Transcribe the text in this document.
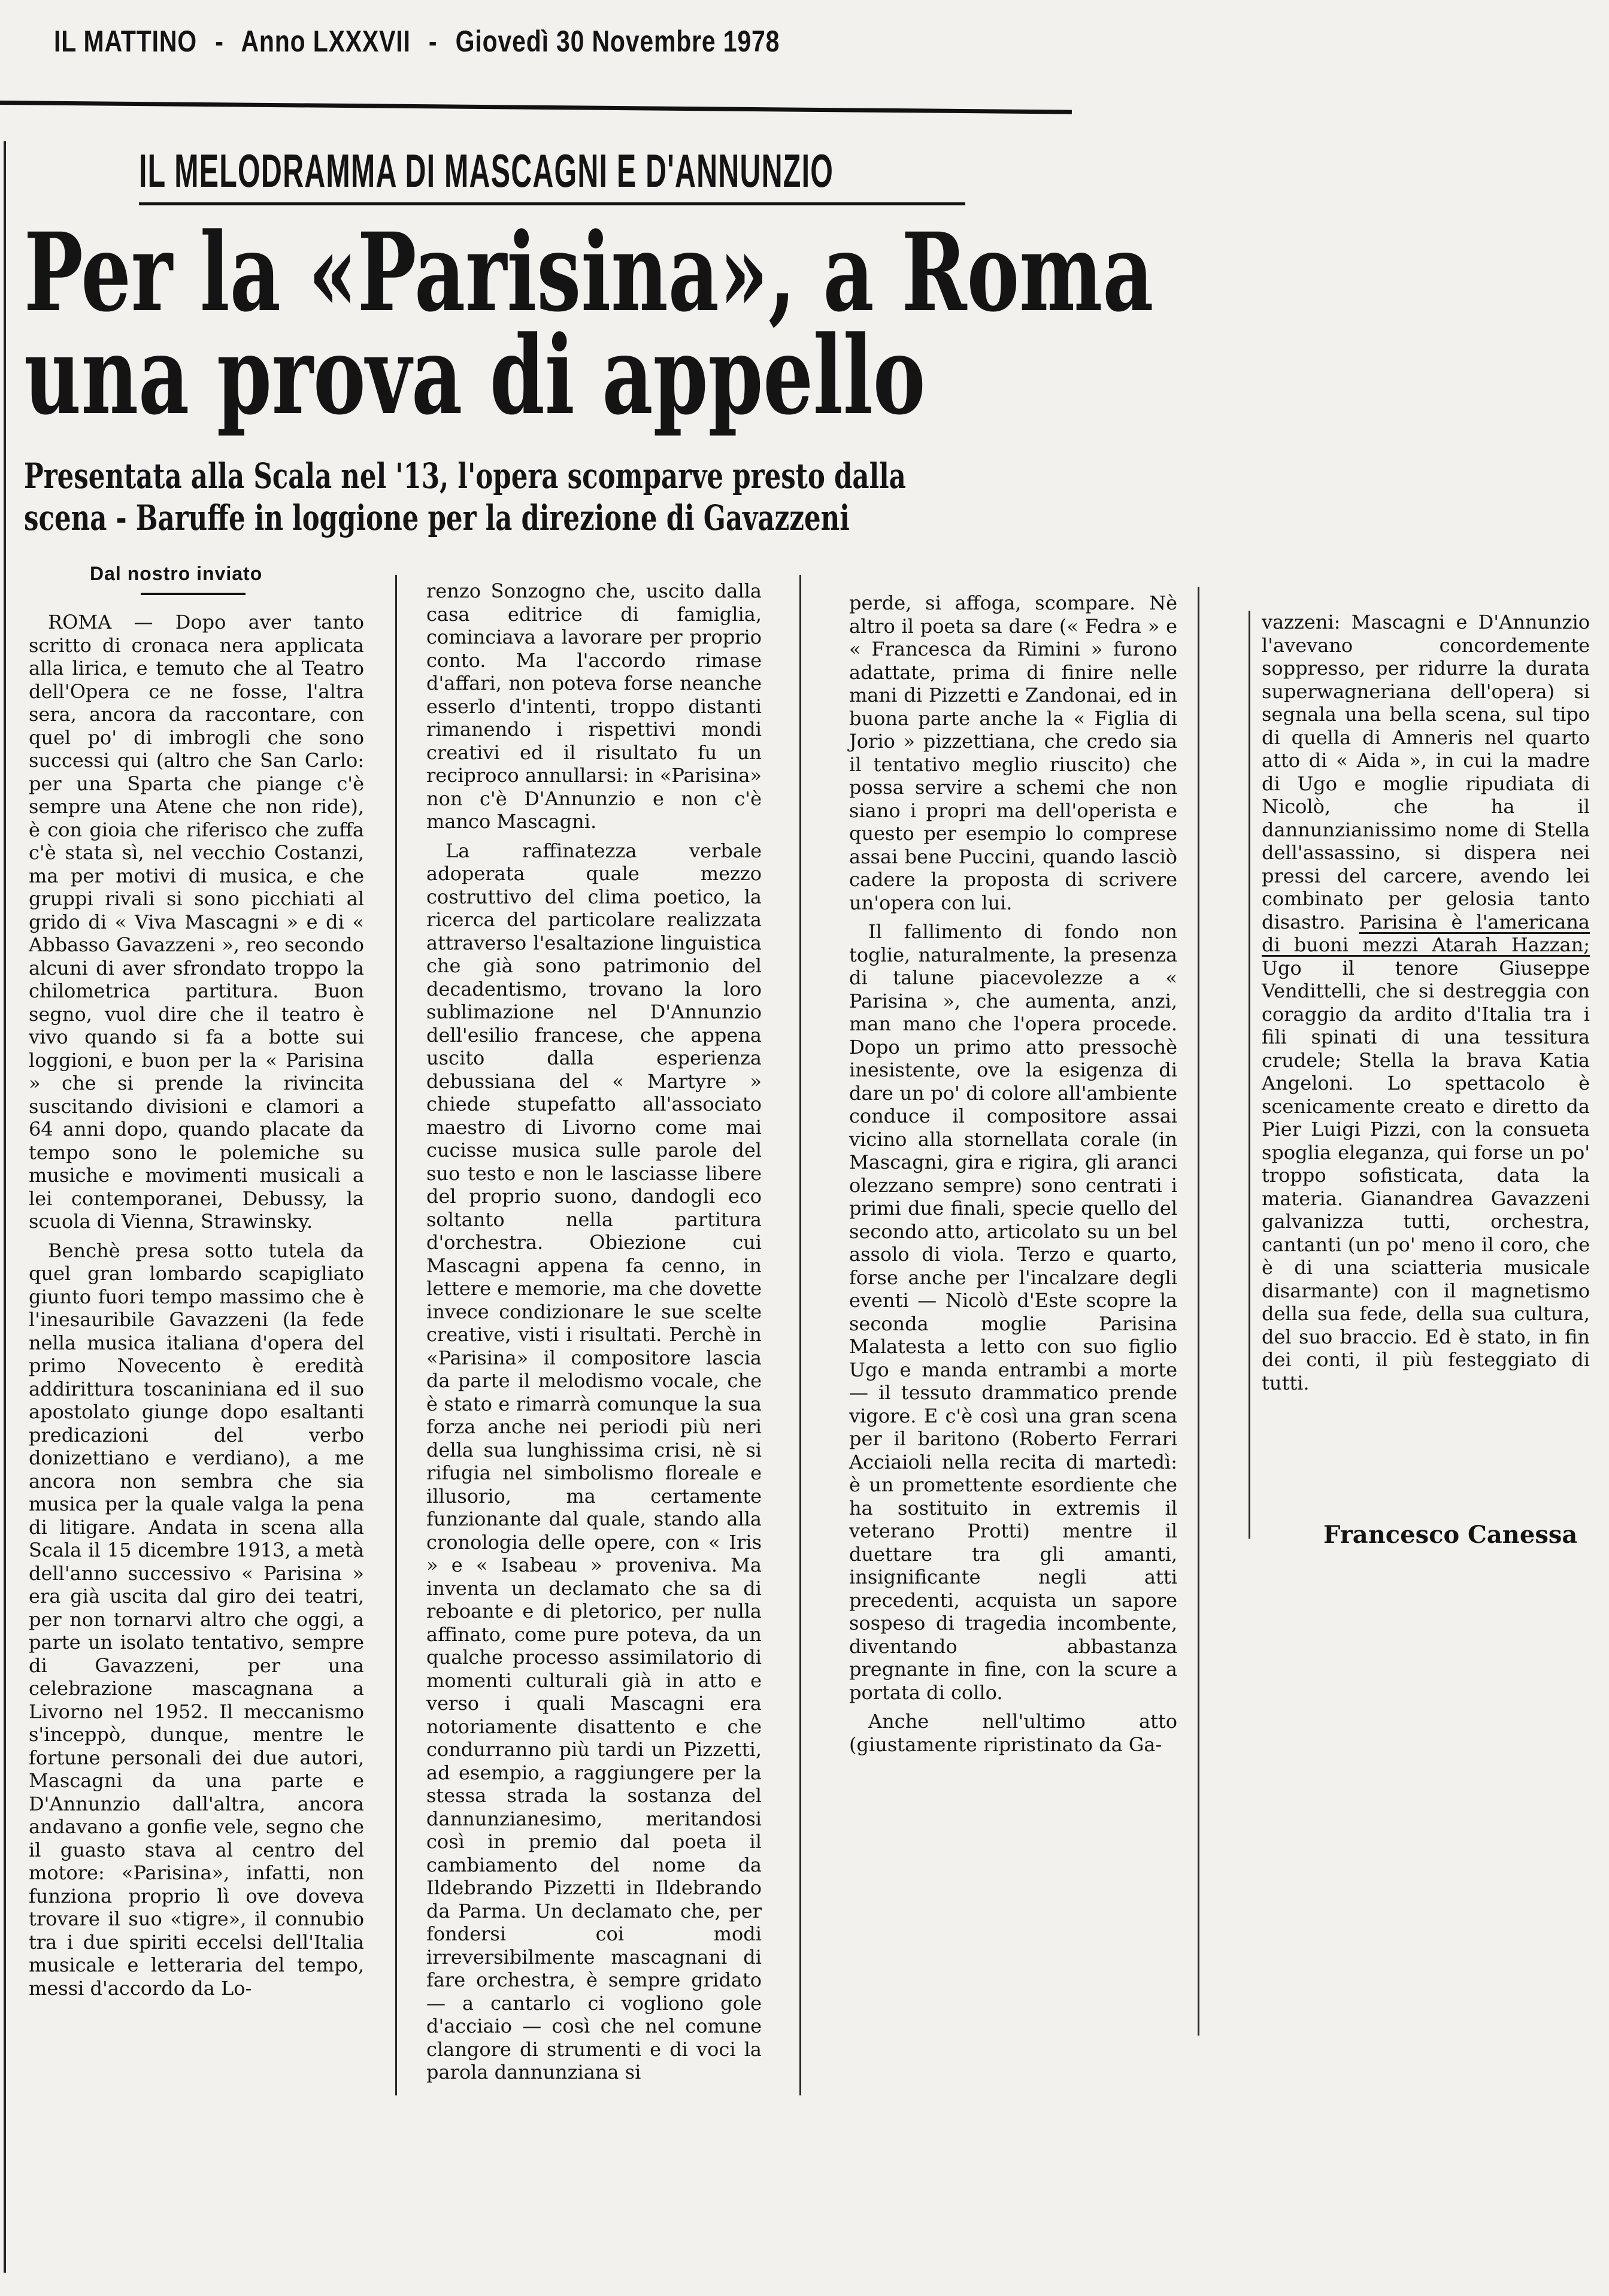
IL MATTINO - Anno LXXXVII - Giovedì 30 Novembre 1978
IL MELODRAMMA DI MASCAGNI E D'ANNUNZIO
Per la «Parisina», a Roma
una prova di appello
Presentata alla Scala nel '13, l'opera scomparve presto dalla
scena - Baruffe in loggione per la direzione di Gavazzeni
Dal nostro inviato

ROMA — Dopo aver tanto scritto di cronaca nera applicata alla lirica, e temuto che al Teatro dell'Opera ce ne fosse, l'altra sera, ancora da raccontare, con quel po' di imbrogli che sono successi qui (altro che San Carlo: per una Sparta che piange c'è sempre una Atene che non ride), è con gioia che riferisco che zuffa c'è stata sì, nel vecchio Costanzi, ma per motivi di musica, e che gruppi rivali si sono picchiati al grido di « Viva Mascagni » e di « Abbasso Gavazzeni », reo secondo alcuni di aver sfrondato troppo la chilometrica partitura. Buon segno, vuol dire che il teatro è vivo quando si fa a botte sui loggioni, e buon per la « Parisina » che si prende la rivincita suscitando divisioni e clamori a 64 anni dopo, quando placate da tempo sono le polemiche su musiche e movimenti musicali a lei contemporanei, Debussy, la scuola di Vienna, Strawinsky.

Benchè presa sotto tutela da quel gran lombardo scapigliato giunto fuori tempo massimo che è l'inesauribile Gavazzeni (la fede nella musica italiana d'opera del primo Novecento è eredità addirittura toscaniniana ed il suo apostolato giunge dopo esaltanti predicazioni del verbo donizettiano e verdiano), a me ancora non sembra che sia musica per la quale valga la pena di litigare. Andata in scena alla Scala il 15 dicembre 1913, a metà dell'anno successivo « Parisina » era già uscita dal giro dei teatri, per non tornarvi altro che oggi, a parte un isolato tentativo, sempre di Gavazzeni, per una celebrazione mascagnana a Livorno nel 1952. Il meccanismo s'inceppò, dunque, mentre le fortune personali dei due autori, Mascagni da una parte e D'Annunzio dall'altra, ancora andavano a gonfie vele, segno che il guasto stava al centro del motore: «Parisina», infatti, non funziona proprio lì ove doveva trovare il suo «tigre», il connubio tra i due spiriti eccelsi dell'Italia musicale e letteraria del tempo, messi d'accordo da Lo-

renzo Sonzogno che, uscito dalla casa editrice di famiglia, cominciava a lavorare per proprio conto. Ma l'accordo rimase d'affari, non poteva forse neanche esserlo d'intenti, troppo distanti rimanendo i rispettivi mondi creativi ed il risultato fu un reciproco annullarsi: in «Parisina» non c'è D'Annunzio e non c'è manco Mascagni.

La raffinatezza verbale adoperata quale mezzo costruttivo del clima poetico, la ricerca del particolare realizzata attraverso l'esaltazione linguistica che già sono patrimonio del decadentismo, trovano la loro sublimazione nel D'Annunzio dell'esilio francese, che appena uscito dalla esperienza debussiana del « Martyre » chiede stupefatto all'associato maestro di Livorno come mai cucisse musica sulle parole del suo testo e non le lasciasse libere del proprio suono, dandogli eco soltanto nella partitura d'orchestra. Obiezione cui Mascagni appena fa cenno, in lettere e memorie, ma che dovette invece condizionare le sue scelte creative, visti i risultati. Perchè in «Parisina» il compositore lascia da parte il melodismo vocale, che è stato e rimarrà comunque la sua forza anche nei periodi più neri della sua lunghissima crisi, nè si rifugia nel simbolismo floreale e illusorio, ma certamente funzionante dal quale, stando alla cronologia delle opere, con « Iris » e « Isabeau » proveniva. Ma inventa un declamato che sa di reboante e di pletorico, per nulla affinato, come pure poteva, da un qualche processo assimilatorio di momenti culturali già in atto e verso i quali Mascagni era notoriamente disattento e che condurranno più tardi un Pizzetti, ad esempio, a raggiungere per la stessa strada la sostanza del dannunzianesimo, meritandosi così in premio dal poeta il cambiamento del nome da Ildebrando Pizzetti in Ildebrando da Parma. Un declamato che, per fondersi coi modi irreversibilmente mascagnani di fare orchestra, è sempre gridato — a cantarlo ci vogliono gole d'acciaio — così che nel comune clangore di strumenti e di voci la parola dannunziana si

perde, si affoga, scompare. Nè altro il poeta sa dare (« Fedra » e « Francesca da Rimini » furono adattate, prima di finire nelle mani di Pizzetti e Zandonai, ed in buona parte anche la « Figlia di Jorio » pizzettiana, che credo sia il tentativo meglio riuscito) che possa servire a schemi che non siano i propri ma dell'operista e questo per esempio lo comprese assai bene Puccini, quando lasciò cadere la proposta di scrivere un'opera con lui.

Il fallimento di fondo non toglie, naturalmente, la presenza di talune piacevolezze a « Parisina », che aumenta, anzi, man mano che l'opera procede. Dopo un primo atto pressochè inesistente, ove la esigenza di dare un po' di colore all'ambiente conduce il compositore assai vicino alla stornellata corale (in Mascagni, gira e rigira, gli aranci olezzano sempre) sono centrati i primi due finali, specie quello del secondo atto, articolato su un bel assolo di viola. Terzo e quarto, forse anche per l'incalzare degli eventi — Nicolò d'Este scopre la seconda moglie Parisina Malatesta a letto con suo figlio Ugo e manda entrambi a morte — il tessuto drammatico prende vigore. E c'è così una gran scena per il baritono (Roberto Ferrari Acciaioli nella recita di martedì: è un promettente esordiente che ha sostituito in extremis il veterano Protti) mentre il duettare tra gli amanti, insignificante negli atti precedenti, acquista un sapore sospeso di tragedia incombente, diventando abbastanza pregnante in fine, con la scure a portata di collo.

Anche nell'ultimo atto (giustamente ripristinato da Ga-

vazzeni: Mascagni e D'Annunzio l'avevano concordemente soppresso, per ridurre la durata superwagneriana dell'opera) si segnala una bella scena, sul tipo di quella di Amneris nel quarto atto di « Aida », in cui la madre di Ugo e moglie ripudiata di Nicolò, che ha il dannunzianissimo nome di Stella dell'assassino, si dispera nei pressi del carcere, avendo lei combinato per gelosia tanto disastro. Parisina è l'americana di buoni mezzi Atarah Hazzan; Ugo il tenore Giuseppe Vendittelli, che si destreggia con coraggio da ardito d'Italia tra i fili spinati di una tessitura crudele; Stella la brava Katia Angeloni. Lo spettacolo è scenicamente creato e diretto da Pier Luigi Pizzi, con la consueta spoglia eleganza, qui forse un po' troppo sofisticata, data la materia. Gianandrea Gavazzeni galvanizza tutti, orchestra, cantanti (un po' meno il coro, che è di una sciatteria musicale disarmante) con il magnetismo della sua fede, della sua cultura, del suo braccio. Ed è stato, in fin dei conti, il più festeggiato di tutti.

Francesco Canessa
